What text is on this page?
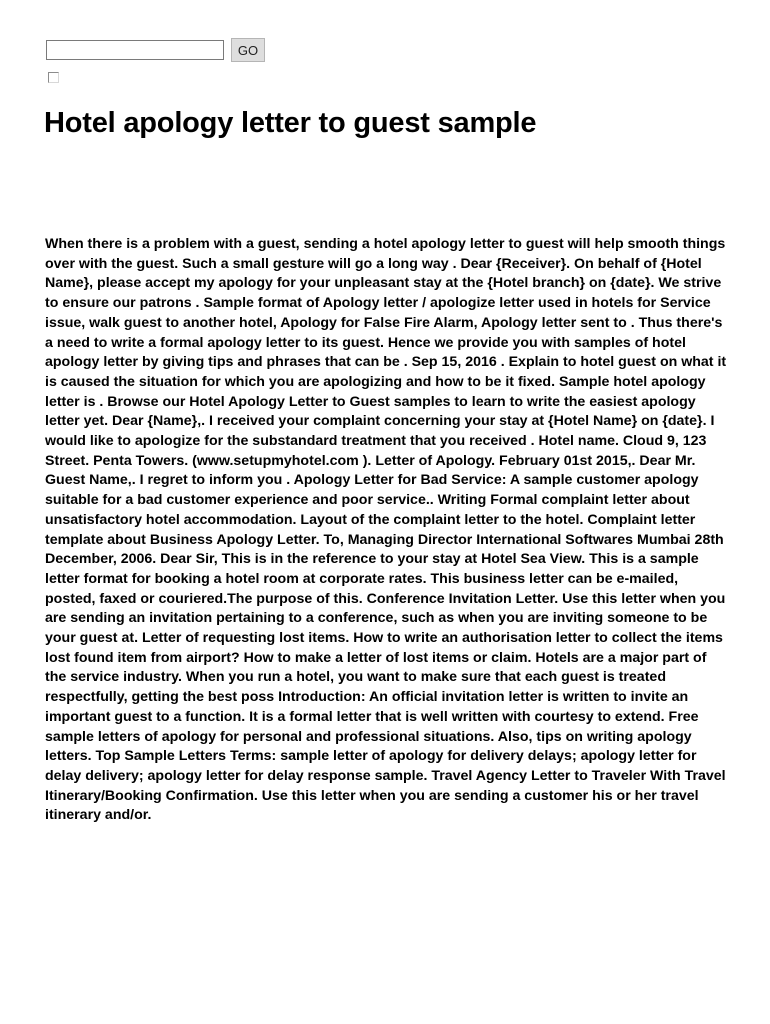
GO
Hotel apology letter to guest sample

When there is a problem with a guest, sending a hotel apology letter to guest will help smooth things over with the guest. Such a small gesture will go a long way . Dear {Receiver}. On behalf of {Hotel Name}, please accept my apology for your unpleasant stay at the {Hotel branch} on {date}. We strive to ensure our patrons . Sample format of Apology letter / apologize letter used in hotels for Service issue, walk guest to another hotel, Apology for False Fire Alarm, Apology letter sent to . Thus there's a need to write a formal apology letter to its guest. Hence we provide you with samples of hotel apology letter by giving tips and phrases that can be . Sep 15, 2016 . Explain to hotel guest on what it is caused the situation for which you are apologizing and how to be it fixed. Sample hotel apology letter is . Browse our Hotel Apology Letter to Guest samples to learn to write the easiest apology letter yet. Dear {Name},. I received your complaint concerning your stay at {Hotel Name} on {date}. I would like to apologize for the substandard treatment that you received . Hotel name. Cloud 9, 123 Street. Penta Towers. (www.setupmyhotel.com ). Letter of Apology. February 01st 2015,. Dear Mr. Guest Name,. I regret to inform you . Apology Letter for Bad Service: A sample customer apology suitable for a bad customer experience and poor service.. Writing Formal complaint letter about unsatisfactory hotel accommodation. Layout of the complaint letter to the hotel. Complaint letter template about Business Apology Letter. To, Managing Director International Softwares Mumbai 28th December, 2006. Dear Sir, This is in the reference to your stay at Hotel Sea View. This is a sample letter format for booking a hotel room at corporate rates. This business letter can be e-mailed, posted, faxed or couriered.The purpose of this. Conference Invitation Letter. Use this letter when you are sending an invitation pertaining to a conference, such as when you are inviting someone to be your guest at. Letter of requesting lost items. How to write an authorisation letter to collect the items lost found item from airport? How to make a letter of lost items or claim. Hotels are a major part of the service industry. When you run a hotel, you want to make sure that each guest is treated respectfully, getting the best poss Introduction: An official invitation letter is written to invite an important guest to a function. It is a formal letter that is well written with courtesy to extend. Free sample letters of apology for personal and professional situations. Also, tips on writing apology letters. Top Sample Letters Terms: sample letter of apology for delivery delays; apology letter for delay delivery; apology letter for delay response sample. Travel Agency Letter to Traveler With Travel Itinerary/Booking Confirmation. Use this letter when you are sending a customer his or her travel itinerary and/or.
